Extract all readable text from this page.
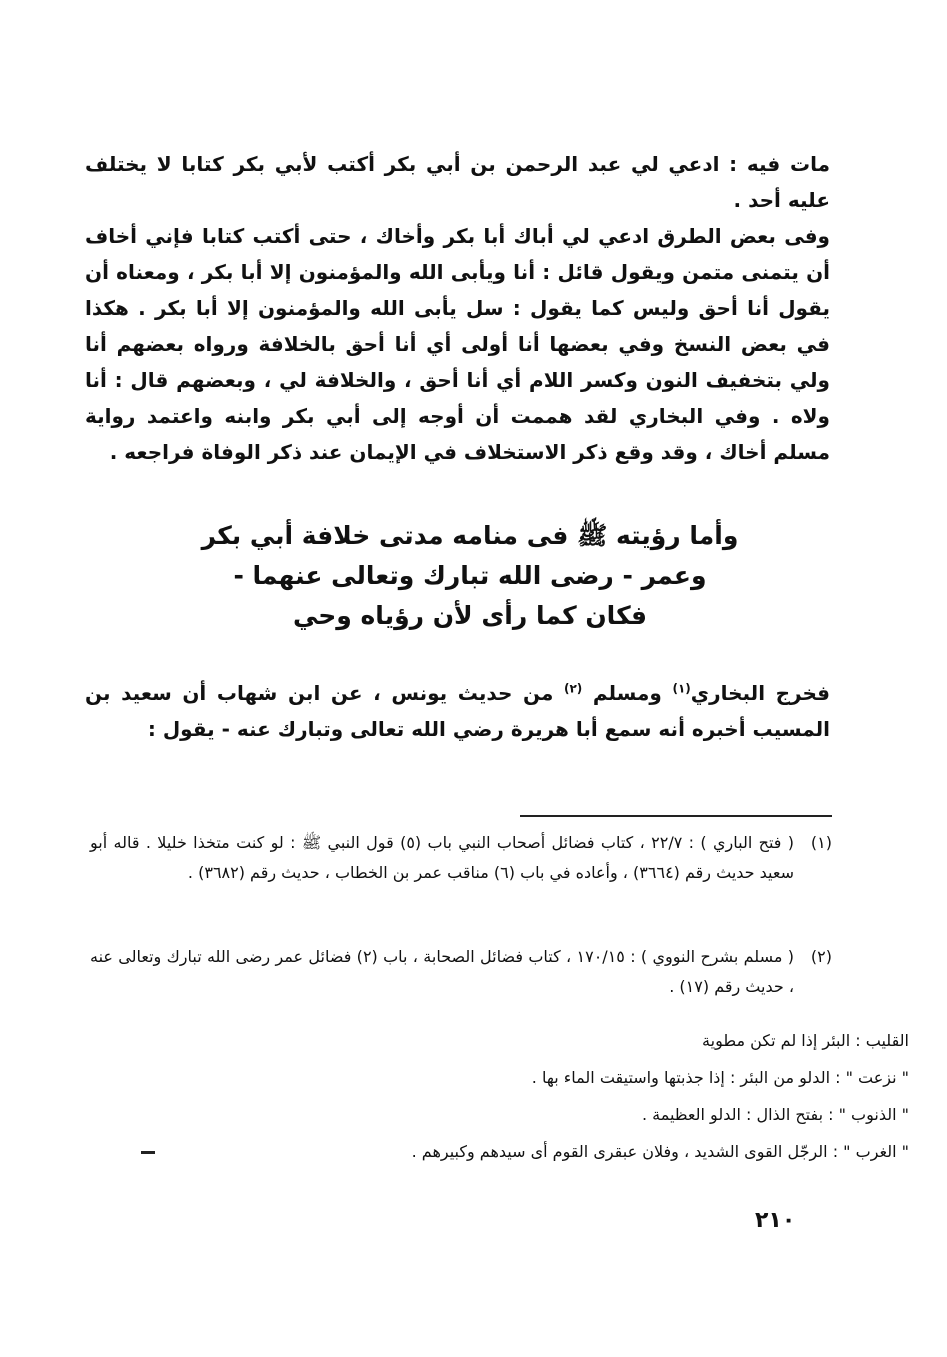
مات فيه : ادعي لي عبد الرحمن بن أبي بكر أكتب لأبي بكر كتابا لا يختلف عليه أحد .

وفى بعض الطرق ادعي لي أباك أبا بكر وأخاك ، حتى أكتب كتابا فإني أخاف أن يتمنى متمن ويقول قائل : أنا ويأبى الله والمؤمنون إلا أبا بكر ، ومعناه أن يقول أنا أحق وليس كما يقول : سل يأبى الله والمؤمنون إلا أبا بكر . هكذا في بعض النسخ وفي بعضها أنا أولى أي أنا أحق بالخلافة ورواه بعضهم أنا ولي بتخفيف النون وكسر اللام أي أنا أحق ، والخلافة لي ، وبعضهم قال : أنا ولاه . وفي البخاري لقد هممت أن أوجه إلى أبي بكر وابنه واعتمد رواية مسلم أخاك ، وقد وقع ذكر الاستخلاف في الإيمان عند ذكر الوفاة فراجعه .

وأما رؤيته ﷺ فى منامه مدتى خلافة أبي بكر
وعمر - رضى الله تبارك وتعالى عنهما -
فكان كما رأى لأن رؤياه وحي

فخرج البخاري$^{(١)}$ ومسلم $^{(٢)}$ من حديث يونس ، عن ابن شهاب أن سعيد بن المسيب أخبره أنه سمع أبا هريرة رضي الله تعالى وتبارك عنه - يقول :

(١)

( فتح الباري ) : ٢٢/٧ ، كتاب فضائل أصحاب النبي باب (٥) قول النبي ﷺ : لو كنت متخذا خليلا . قاله أبو سعيد حديث رقم (٣٦٦٤) ، وأعاده في باب (٦) مناقب عمر بن الخطاب ، حديث رقم (٣٦٨٢) .

(٢)

( مسلم بشرح النووي ) : ١٧٠/١٥ ، كتاب فضائل الصحابة ، باب (٢) فضائل عمر رضى الله تبارك وتعالى عنه ، حديث رقم (١٧) .

القليب : البئر إذا لم تكن مطوية
" نزعت " : الدلو من البئر : إذا جذبتها واستيقت الماء بها .
" الذنوب " : بفتح الذال : الدلو العظيمة .
" الغرب " : الرجّل القوى الشديد ، وفلان عبقرى القوم أى سيدهم وكبيرهم .
٢١٠
